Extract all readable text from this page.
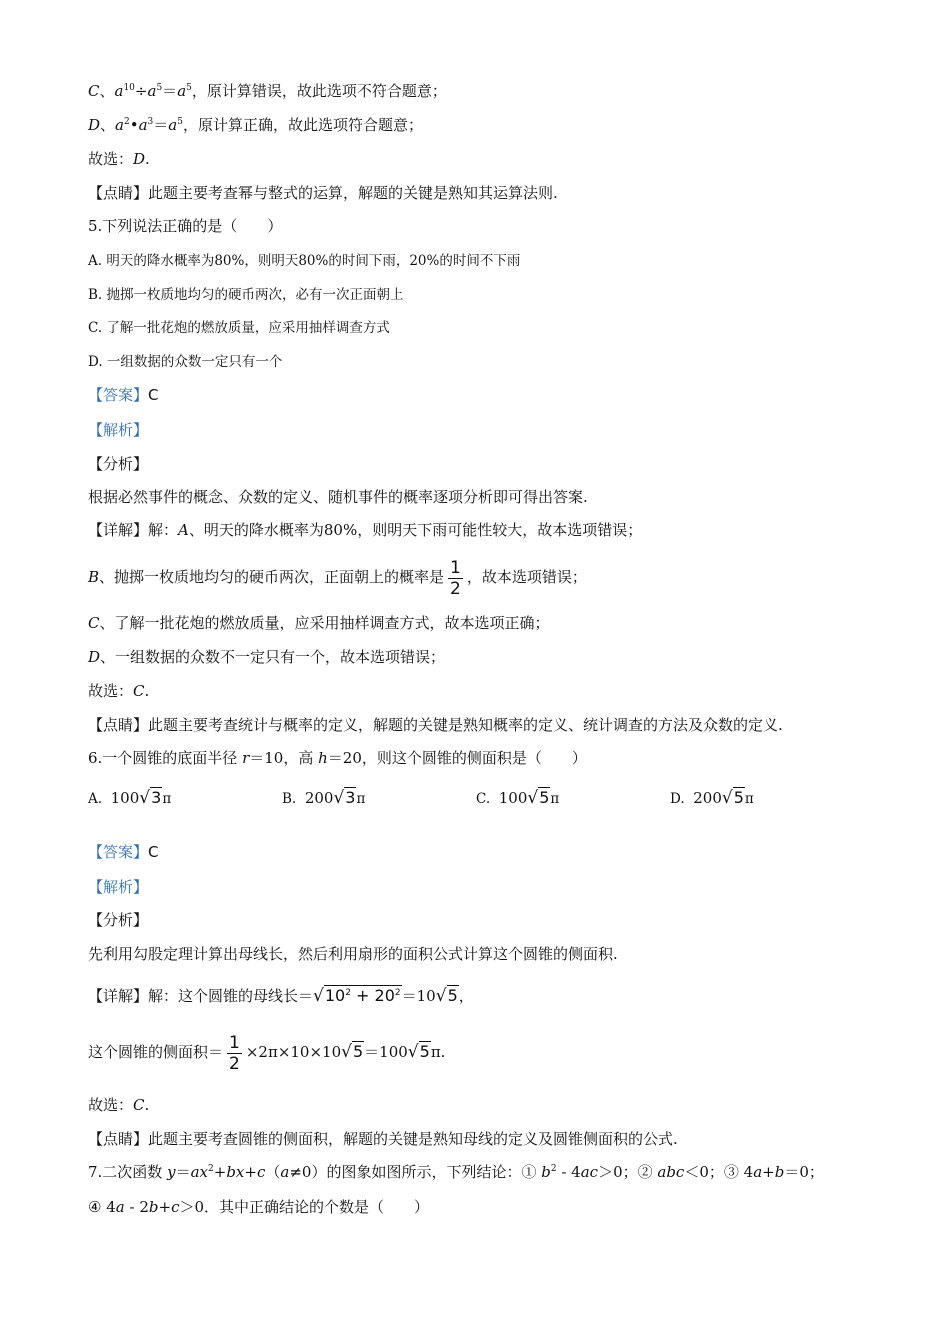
C、$a^{10}\div a^5=a^5$，原计算错误，故此选项不符合题意；
D、$a^2•a^3=a^5$，原计算正确，故此选项符合题意；
故选：D.
【点睛】此题主要考查幂与整式的运算，解题的关键是熟知其运算法则.
5.下列说法正确的是（　　）
A. 明天的降水概率为80%，则明天80%的时间下雨，20%的时间不下雨
B. 抛掷一枚质地均匀的硬币两次，必有一次正面朝上
C. 了解一批花炮的燃放质量，应采用抽样调查方式
D. 一组数据的众数一定只有一个
【答案】C
【解析】
【分析】
根据必然事件的概念、众数的定义、随机事件的概率逐项分析即可得出答案.
【详解】解：A、明天的降水概率为80%，则明天下雨可能性较大，故本选项错误；
B、抛掷一枚质地均匀的硬币两次，正面朝上的概率是 $\frac{1}{2}$ ，故本选项错误；
C、了解一批花炮的燃放质量，应采用抽样调查方式，故本选项正确；
D、一组数据的众数不一定只有一个，故本选项错误；
故选：C.
【点睛】此题主要考查统计与概率的定义，解题的关键是熟知概率的定义、统计调查的方法及众数的定义.
6.一个圆锥的底面半径 r＝10，高 h＝20，则这个圆锥的侧面积是（　　）
A. 100√3π	B. 200√3π	C. 100√5π	D. 200√5π
【答案】C
【解析】
【分析】
先利用勾股定理计算出母线长，然后利用扇形的面积公式计算这个圆锥的侧面积.
【详解】解：这个圆锥的母线长$=√10^2 + 20^2=10√5$，
这个圆锥的侧面积＝ $\frac{1}{2} \times 2\pi\times 10\times 10√5=100√5\pi$.
故选：C.
【点睛】此题主要考查圆锥的侧面积，解题的关键是熟知母线的定义及圆锥侧面积的公式.
7.二次函数 $y=ax^2+bx+c(a\ne 0)$的图象如图所示，下列结论：① $b^2 - 4ac>0$；② abc＜0；③ 4a+b＝0；
④ 4a - 2b+c＞0．其中正确结论的个数是（　　）
